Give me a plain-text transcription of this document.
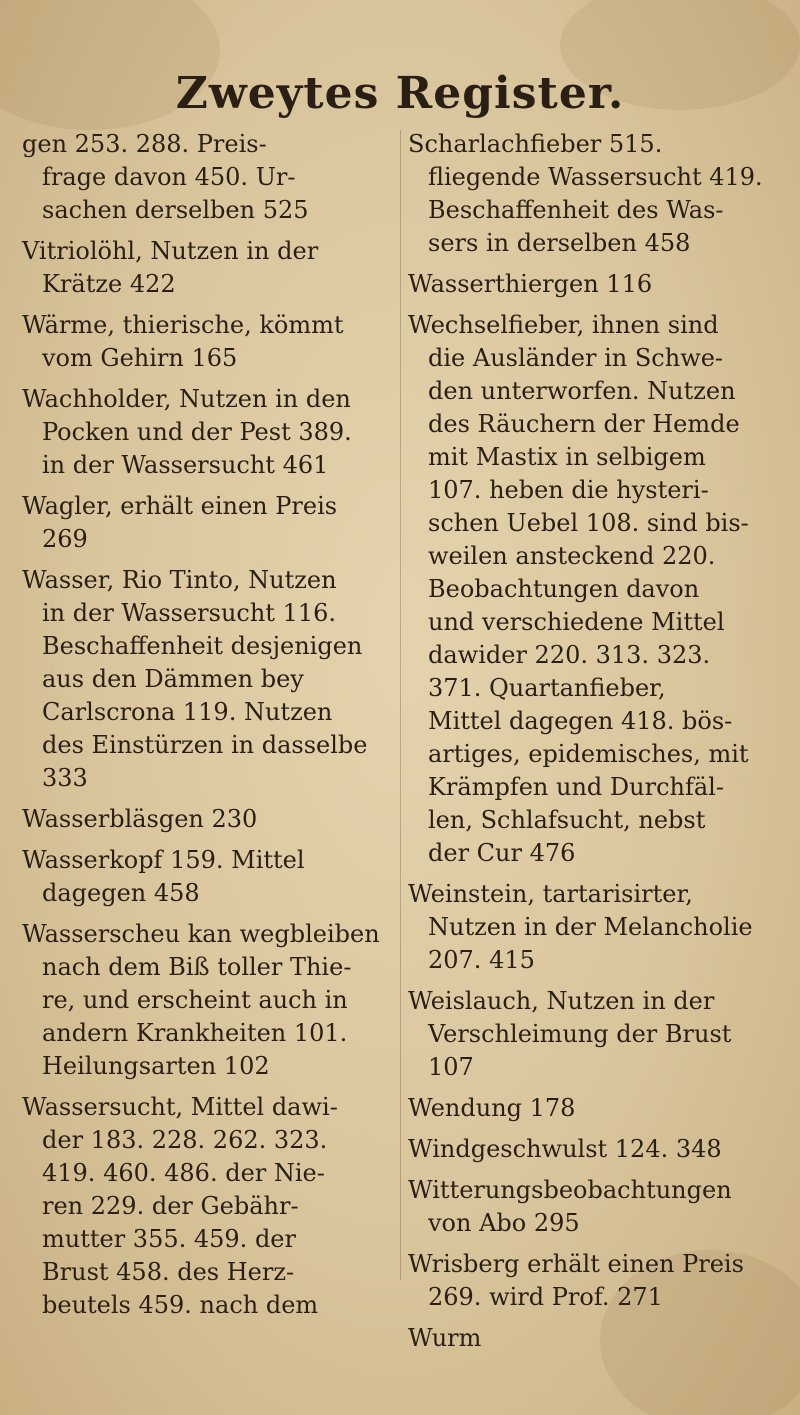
Zweytes Register.
gen 253. 288. Preis-
frage davon 450. Ur-
sachen derselben 525
Vitriolöhl, Nutzen in der
Krätze 422
Wärme, thierische, kömmt
vom Gehirn 165
Wachholder, Nutzen in den
Pocken und der Pest 389.
in der Wassersucht 461
Wagler, erhält einen Preis
269
Wasser, Rio Tinto, Nutzen
in der Wassersucht 116.
Beschaffenheit desjenigen
aus den Dämmen bey
Carlscrona 119. Nutzen
des Einstürzen in dasselbe
333
Wasserbläsgen 230
Wasserkopf 159. Mittel
dagegen 458
Wasserscheu kan wegbleiben
nach dem Biß toller Thie-
re, und erscheint auch in
andern Krankheiten 101.
Heilungsarten 102
Wassersucht, Mittel dawi-
der 183. 228. 262. 323.
419. 460. 486. der Nie-
ren 229. der Gebähr-
mutter 355. 459. der
Brust 458. des Herz-
beutels 459. nach dem
Scharlachfieber 515.
fliegende Wassersucht 419.
Beschaffenheit des Was-
sers in derselben 458
Wasserthiergen 116
Wechselfieber, ihnen sind
die Ausländer in Schwe-
den unterworfen. Nutzen
des Räuchern der Hemde
mit Mastix in selbigem
107. heben die hysteri-
schen Uebel 108. sind bis-
weilen ansteckend 220.
Beobachtungen davon
und verschiedene Mittel
dawider 220. 313. 323.
371. Quartanfieber,
Mittel dagegen 418. bös-
artiges, epidemisches, mit
Krämpfen und Durchfäl-
len, Schlafsucht, nebst
der Cur 476
Weinstein, tartarisirter,
Nutzen in der Melancholie
207. 415
Weislauch, Nutzen in der
Verschleimung der Brust
107
Wendung 178
Windgeschwulst 124. 348
Witterungsbeobachtungen
von Abo 295
Wrisberg erhält einen Preis
269. wird Prof. 271
Wurm
